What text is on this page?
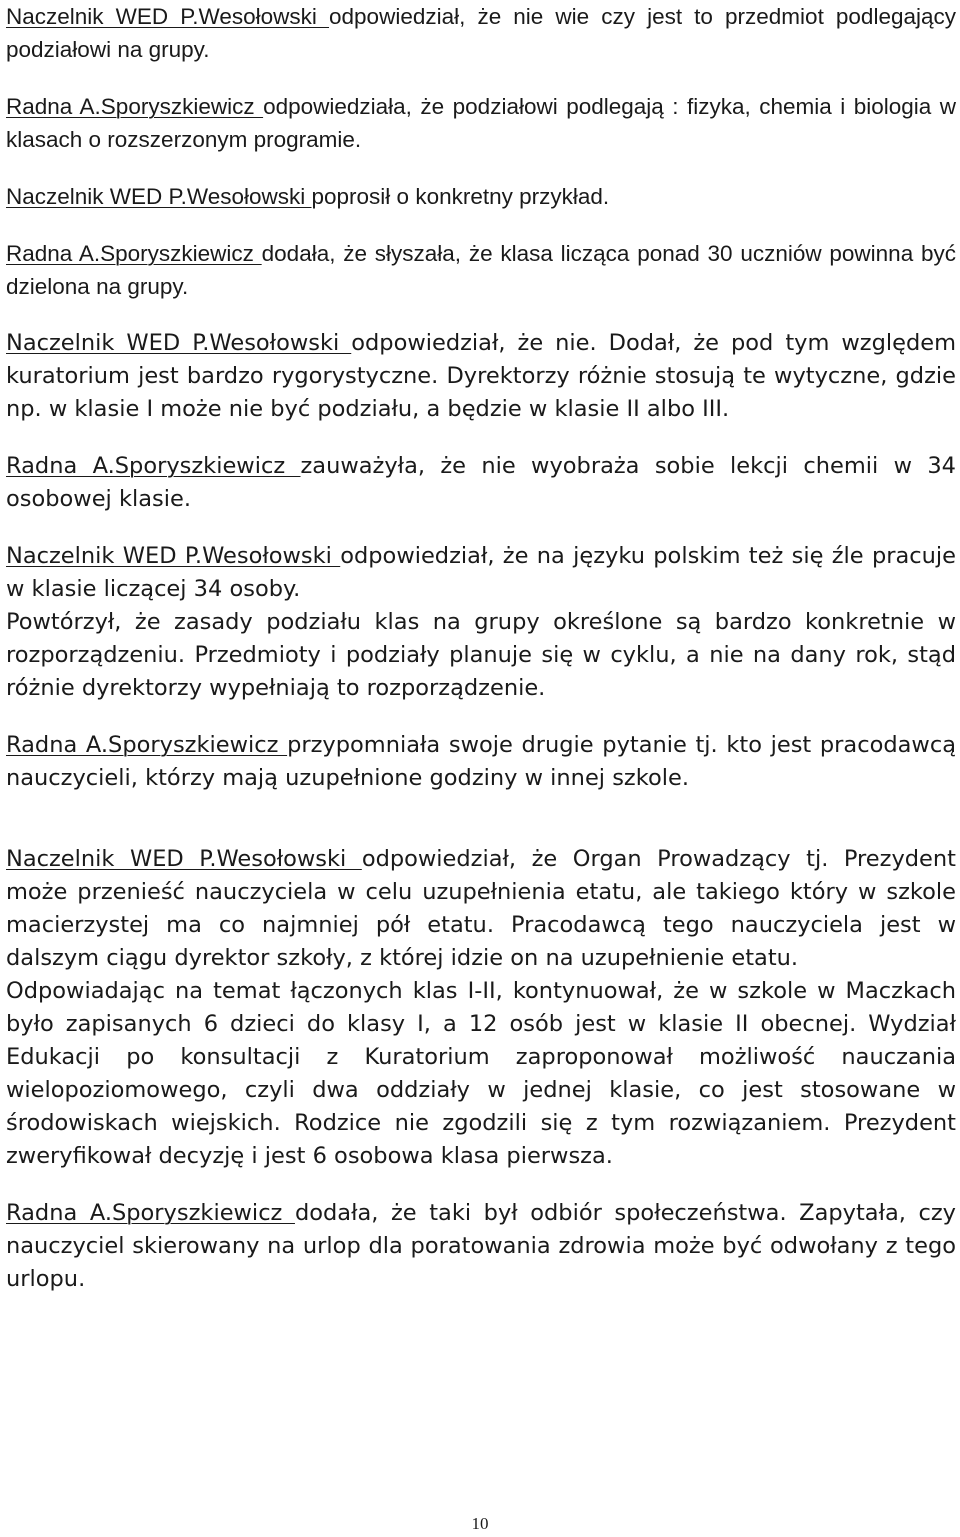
Naczelnik WED P.Wesołowski odpowiedział, że nie wie czy jest to przedmiot podlegający podziałowi na grupy.

Radna A.Sporyszkiewicz odpowiedziała, że podziałowi podlegają : fizyka, chemia i biologia w klasach o rozszerzonym programie.

Naczelnik WED P.Wesołowski poprosił o konkretny przykład.

Radna A.Sporyszkiewicz dodała, że słyszała, że klasa licząca ponad 30 uczniów powinna być dzielona na grupy.

Naczelnik WED P.Wesołowski odpowiedział, że nie. Dodał, że pod tym względem kuratorium jest bardzo rygorystyczne. Dyrektorzy różnie stosują te wytyczne, gdzie np. w klasie I może nie być podziału, a będzie w klasie II albo III.

Radna A.Sporyszkiewicz zauważyła, że nie wyobraża sobie lekcji chemii w 34 osobowej klasie.

Naczelnik WED P.Wesołowski odpowiedział, że na języku polskim też się źle pracuje w klasie liczącej 34 osoby.

Powtórzył, że zasady podziału klas na grupy określone są bardzo konkretnie w rozporządzeniu. Przedmioty i podziały planuje się w cyklu, a nie na dany rok, stąd różnie dyrektorzy wypełniają to rozporządzenie.

Radna A.Sporyszkiewicz przypomniała swoje drugie pytanie tj. kto jest pracodawcą nauczycieli, którzy mają uzupełnione godziny w innej szkole.

Naczelnik WED P.Wesołowski odpowiedział, że Organ Prowadzący tj. Prezydent może przenieść nauczyciela w celu uzupełnienia etatu, ale takiego który w szkole macierzystej ma co najmniej pół etatu. Pracodawcą tego nauczyciela jest w dalszym ciągu dyrektor szkoły, z której idzie on na uzupełnienie etatu.

Odpowiadając na temat łączonych klas I-II, kontynuował, że w szkole w Maczkach było zapisanych 6 dzieci do klasy I, a 12 osób jest w klasie II obecnej. Wydział Edukacji po konsultacji z Kuratorium zaproponował możliwość nauczania wielopoziomowego, czyli dwa oddziały w jednej klasie, co jest stosowane w środowiskach wiejskich. Rodzice nie zgodzili się z tym rozwiązaniem. Prezydent zweryfikował decyzję i jest 6 osobowa klasa pierwsza.

Radna A.Sporyszkiewicz dodała, że taki był odbiór społeczeństwa. Zapytała, czy nauczyciel skierowany na urlop dla poratowania zdrowia może być odwołany z tego urlopu.

10
